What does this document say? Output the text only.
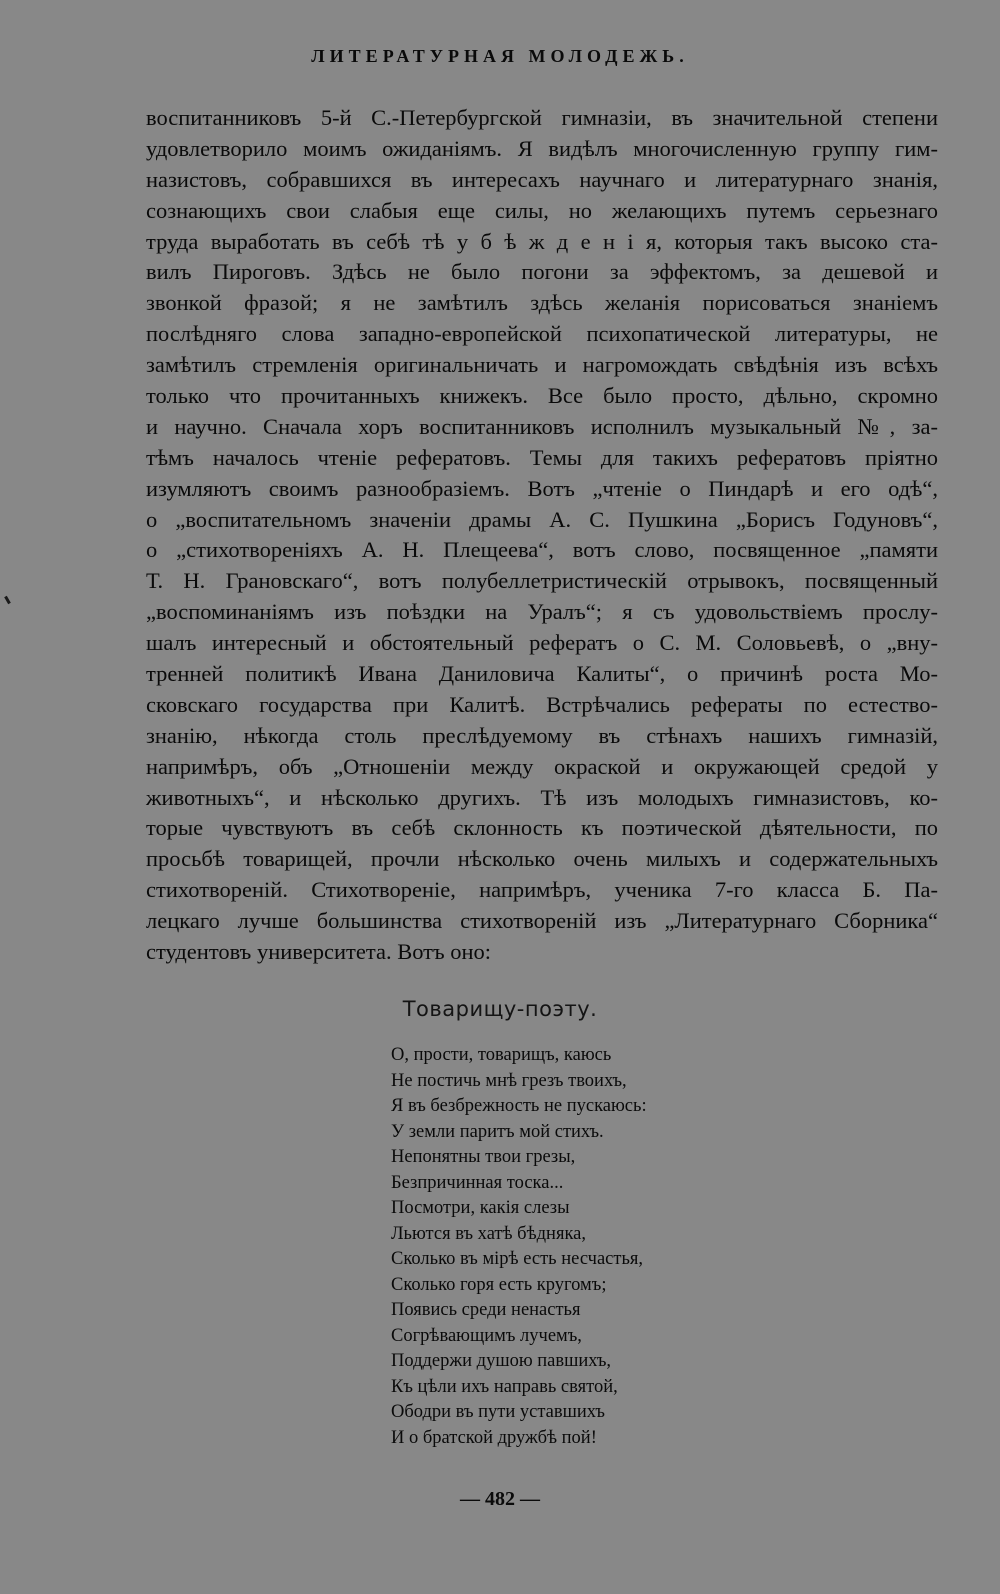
ЛИТЕРАТУРНАЯ МОЛОДЕЖЬ.
воспитанниковъ 5-й С.-Петербургской гимназiи, въ значительной степени
удовлетворило моимъ ожиданiямъ. Я видѣлъ многочисленную группу гим-
назистовъ, собравшихся въ интересахъ научнаго и литературнаго знанiя,
сознающихъ свои слабыя еще силы, но желающихъ путемъ серьезнаго
труда выработать въ себѣ тѣ у б ѣ ж д е н i я, которыя такъ высоко ста-
вилъ Пироговъ. Здѣсь не было погони за эффектомъ, за дешевой и
звонкой фразой; я не замѣтилъ здѣсь желанiя порисоваться знанiемъ
послѣдняго слова западно-европейской психопатической литературы, не
замѣтилъ стремленiя оригинальничать и нагромождать свѣдѣнiя изъ всѣхъ
только что прочитанныхъ книжекъ. Все было просто, дѣльно, скромно
и научно. Сначала хоръ воспитанниковъ исполнилъ музыкальный №, за-
тѣмъ началось чтенiе рефератовъ. Темы для такихъ рефератовъ прiятно
изумляютъ своимъ разнообразiемъ. Вотъ „чтенiе о Пиндарѣ и его одѣ“,
о „воспитательномъ значенiи драмы А. С. Пушкина „Борисъ Годуновъ“,
о „стихотворенiяхъ А. Н. Плещеева“, вотъ слово, посвященное „памяти
Т. Н. Грановскаго“, вотъ полубеллетристическiй отрывокъ, посвященный
„воспоминанiямъ изъ поѣздки на Уралъ“; я съ удовольствiемъ прослу-
шалъ интересный и обстоятельный рефератъ о С. М. Соловьевѣ, о „вну-
тренней политикѣ Ивана Даниловича Калиты“, о причинѣ роста Мо-
сковскаго государства при Калитѣ. Встрѣчались рефераты по естество-
знанiю, нѣкогда столь преслѣдуемому въ стѣнахъ нашихъ гимназiй,
напримѣръ, объ „Отношенiи между окраской и окружающей средой у
животныхъ“, и нѣсколько другихъ. Тѣ изъ молодыхъ гимназистовъ, ко-
торые чувствуютъ въ себѣ склонность къ поэтической дѣятельности, по
просьбѣ товарищей, прочли нѣсколько очень милыхъ и содержательныхъ
стихотворенiй. Стихотворенiе, напримѣръ, ученика 7-го класса Б. Па-
лецкаго лучше большинства стихотворенiй изъ „Литературнаго Сборника“
студентовъ университета. Вотъ оно:
Товарищу-поэту.
О, прости, товарищъ, каюсь
Не постичь мнѣ грезъ твоихъ,
Я въ безбрежность не пускаюсь:
У земли паритъ мой стихъ.
Непонятны твои грезы,
Безпричинная тоска...
Посмотри, какiя слезы
Льются въ хатѣ бѣдняка,
Сколько въ мiрѣ есть несчастья,
Сколько горя есть кругомъ;
Появись среди ненастья
Согрѣвающимъ лучемъ,
Поддержи душою павшихъ,
Къ цѣли ихъ направь святой,
Ободри въ пути уставшихъ
И о братской дружбѣ пой!
— 482 —
